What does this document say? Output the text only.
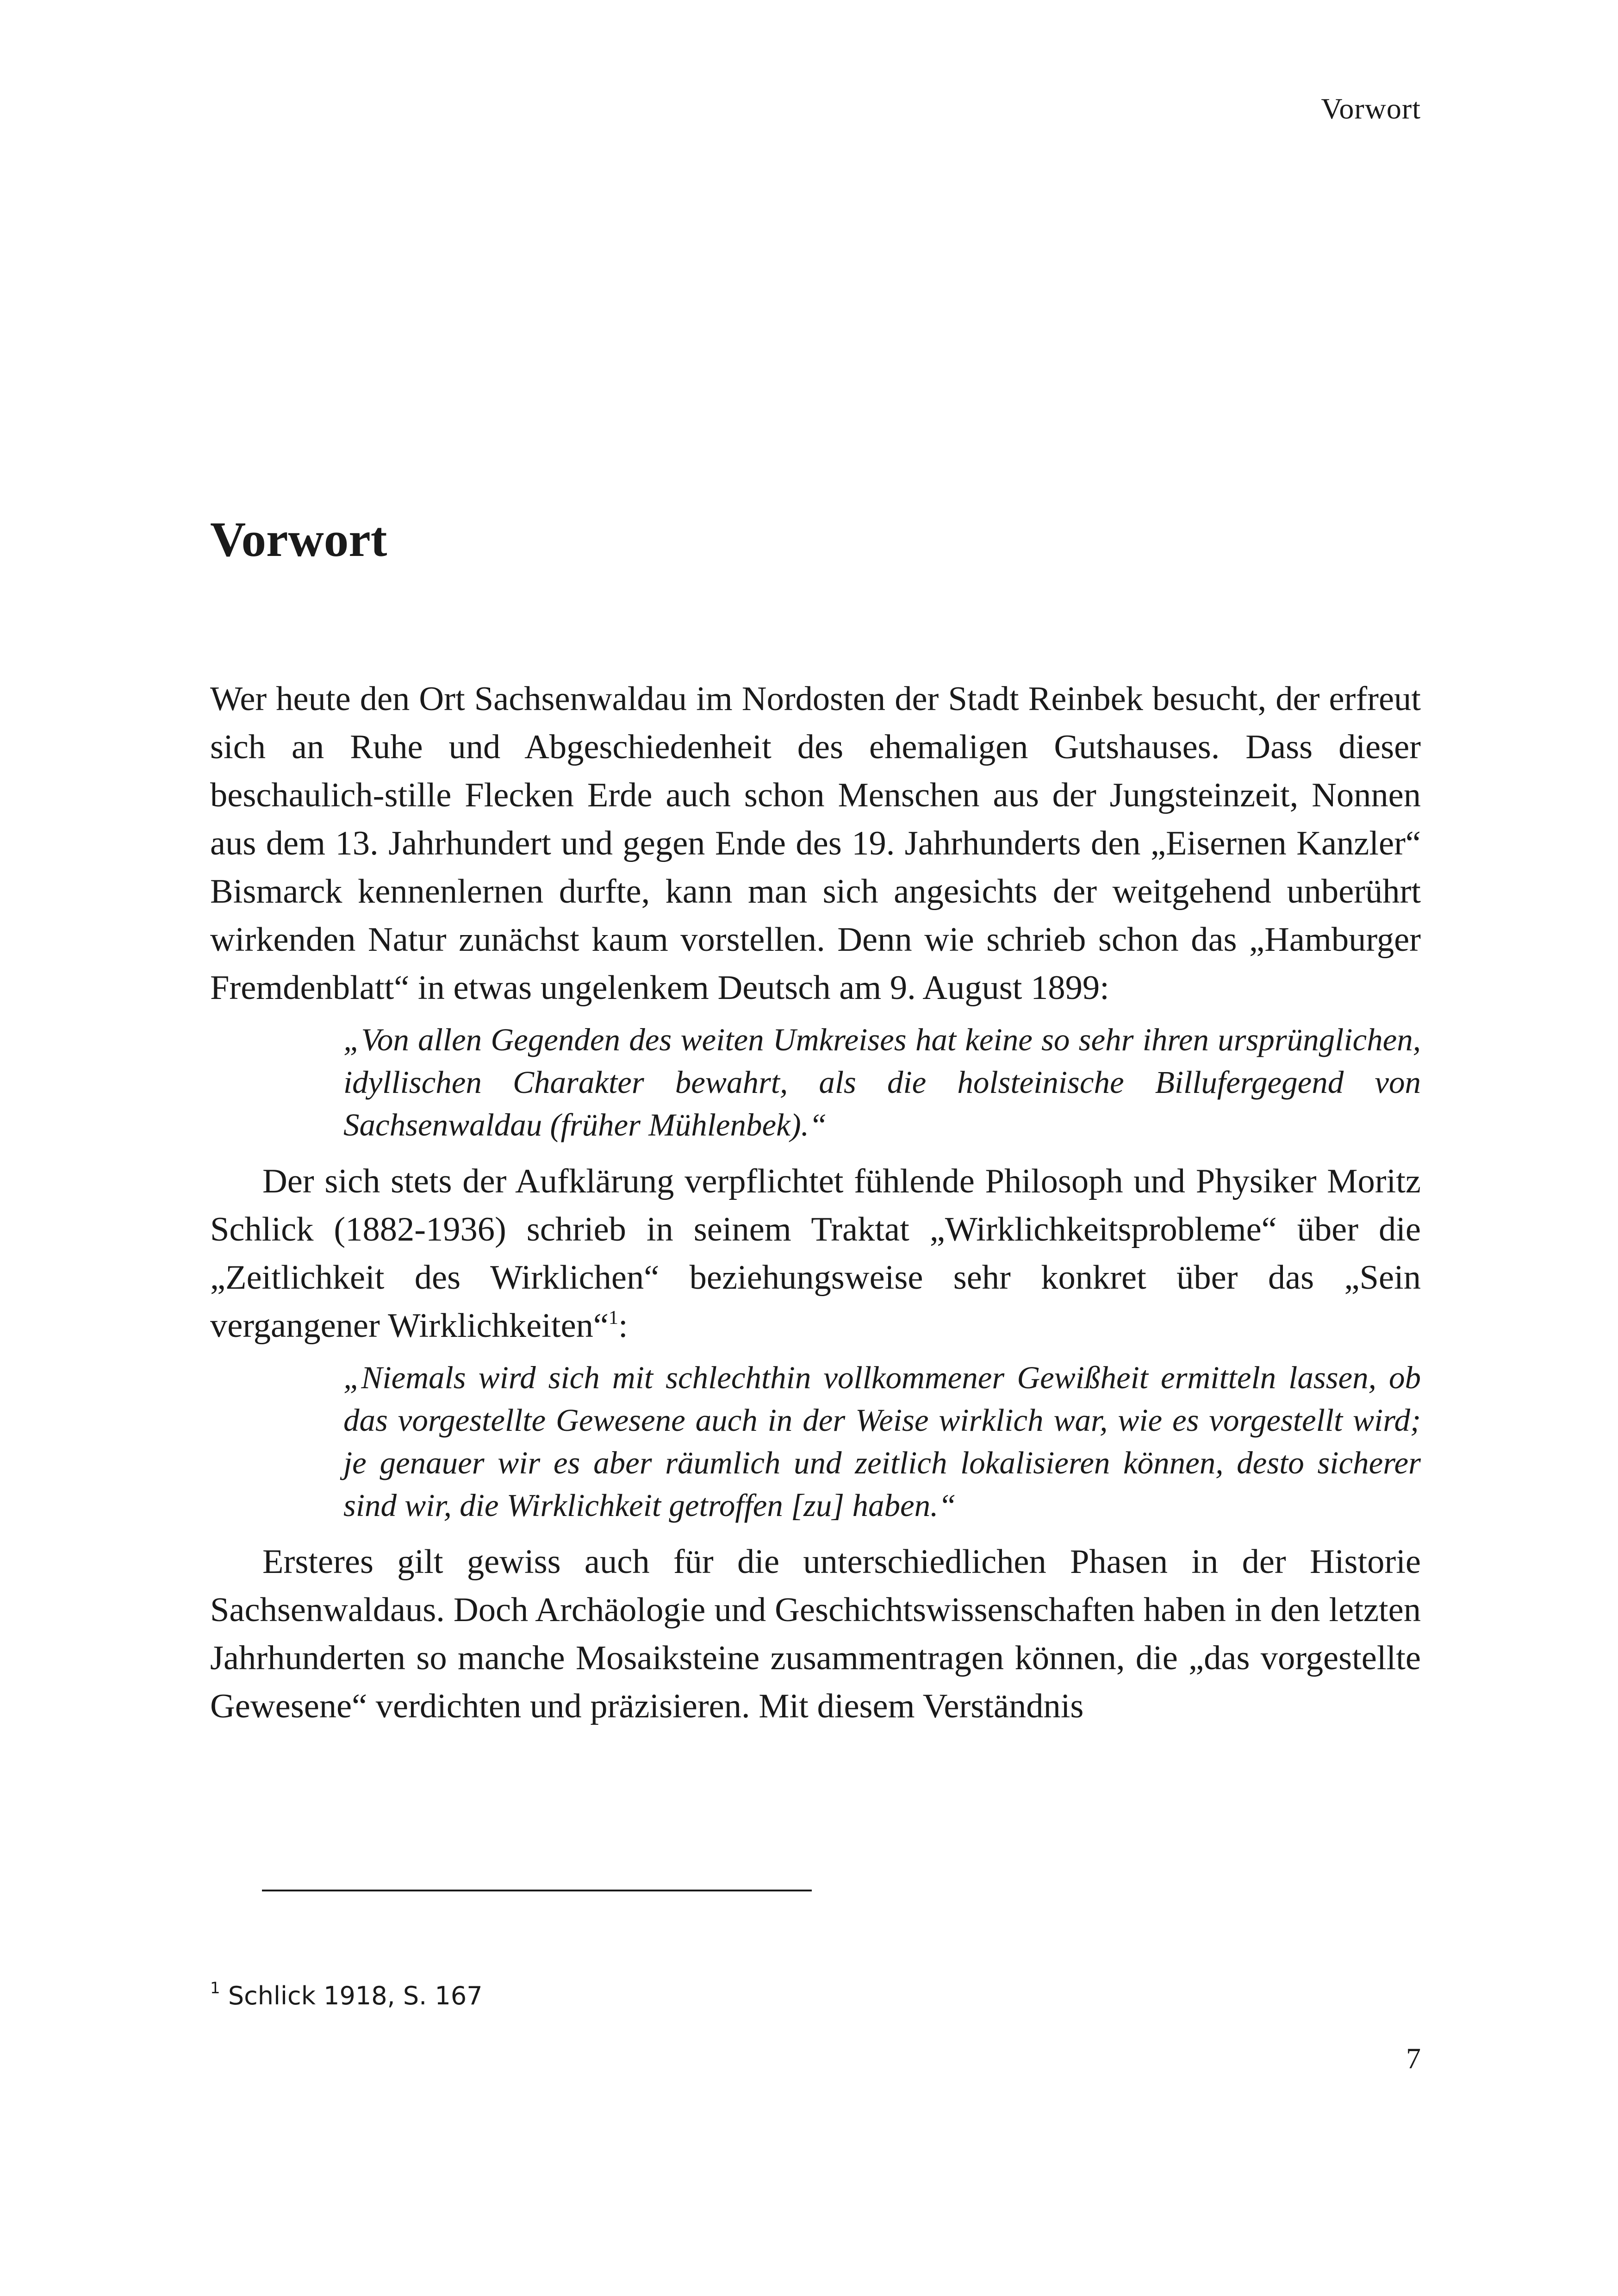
Vorwort
Vorwort

Wer heute den Ort Sachsenwaldau im Nordosten der Stadt Reinbek besucht, der erfreut sich an Ruhe und Abgeschiedenheit des ehemaligen Gutshauses. Dass dieser beschaulich-stille Flecken Erde auch schon Menschen aus der Jungsteinzeit, Nonnen aus dem 13. Jahrhundert und gegen Ende des 19. Jahrhunderts den „Eisernen Kanzler“ Bismarck kennenlernen durfte, kann man sich angesichts der weitgehend unberührt wirkenden Natur zunächst kaum vorstellen. Denn wie schrieb schon das „Hamburger Fremdenblatt“ in etwas ungelenkem Deutsch am 9. August 1899:

„Von allen Gegenden des weiten Umkreises hat keine so sehr ihren ursprünglichen, idyllischen Charakter bewahrt, als die holsteinische Billufergegend von Sachsenwaldau (früher Mühlenbek).“

Der sich stets der Aufklärung verpflichtet fühlende Philosoph und Physiker Moritz Schlick (1882-1936) schrieb in seinem Traktat „Wirklichkeitsprobleme“ über die „Zeitlichkeit des Wirklichen“ beziehungsweise sehr konkret über das „Sein vergangener Wirklichkeiten“$^1$:

„Niemals wird sich mit schlechthin vollkommener Gewißheit ermitteln lassen, ob das vorgestellte Gewesene auch in der Weise wirklich war, wie es vorgestellt wird; je genauer wir es aber räumlich und zeitlich lokalisieren können, desto sicherer sind wir, die Wirklichkeit getroffen [zu] haben.“

Ersteres gilt gewiss auch für die unterschiedlichen Phasen in der Historie Sachsenwaldaus. Doch Archäologie und Geschichtswissenschaften haben in den letzten Jahrhunderten so manche Mosaiksteine zusammentragen können, die „das vorgestellte Gewesene“ verdichten und präzisieren. Mit diesem Verständnis

$^1$ Schlick 1918, S. 167
7
